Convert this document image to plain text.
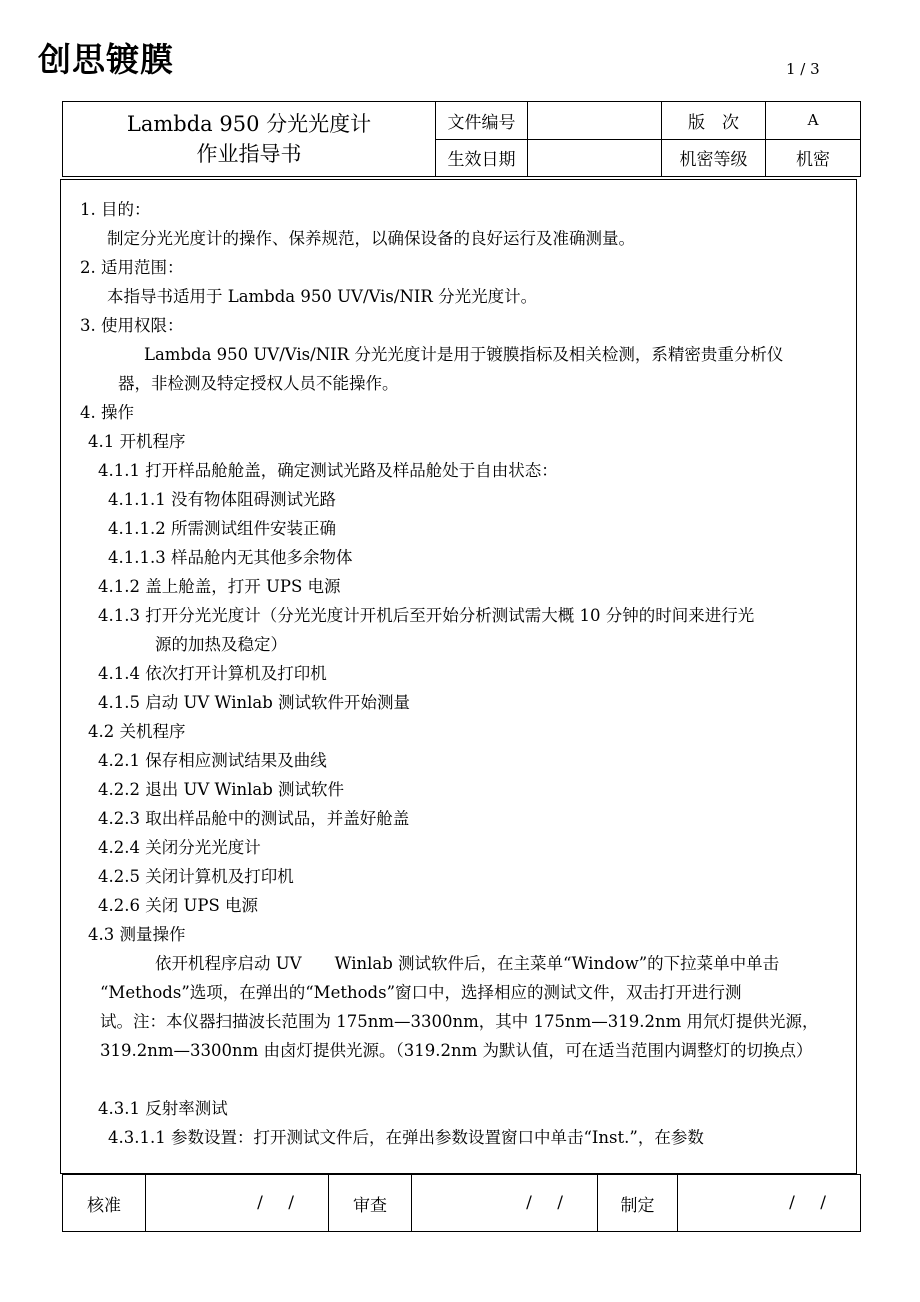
创思镀膜	1 / 3
Lambda 950 分光光度计
作业指导书	文件编号		版　次	A
	生效日期		机密等级	机密
1. 目的：
制定分光光度计的操作、保养规范，以确保设备的良好运行及准确测量。
2. 适用范围：
本指导书适用于 Lambda 950 UV/Vis/NIR 分光光度计。
3. 使用权限：
Lambda 950 UV/Vis/NIR 分光光度计是用于镀膜指标及相关检测，系精密贵重分析仪
器，非检测及特定授权人员不能操作。
4. 操作
4.1 开机程序
4.1.1 打开样品舱舱盖，确定测试光路及样品舱处于自由状态：
4.1.1.1 没有物体阻碍测试光路
4.1.1.2 所需测试组件安装正确
4.1.1.3 样品舱内无其他多余物体
4.1.2 盖上舱盖，打开 UPS 电源
4.1.3 打开分光光度计（分光光度计开机后至开始分析测试需大概 10 分钟的时间来进行光
源的加热及稳定）
4.1.4 依次打开计算机及打印机
4.1.5 启动 UV Winlab 测试软件开始测量
4.2 关机程序
4.2.1 保存相应测试结果及曲线
4.2.2 退出 UV Winlab 测试软件
4.2.3 取出样品舱中的测试品，并盖好舱盖
4.2.4 关闭分光光度计
4.2.5 关闭计算机及打印机
4.2.6 关闭 UPS 电源
4.3 测量操作
依开机程序启动 UV　　Winlab 测试软件后，在主菜单“Window”的下拉菜单中单击
“Methods”选项，在弹出的“Methods”窗口中，选择相应的测试文件，双击打开进行测
试。注：本仪器扫描波长范围为 175nm—3300nm，其中 175nm—319.2nm 用氘灯提供光源，
319.2nm—3300nm 由卤灯提供光源。（319.2nm 为默认值，可在适当范围内调整灯的切换点）
4.3.1 反射率测试
4.3.1.1 参数设置：打开测试文件后，在弹出参数设置窗口中单击“Inst.”，在参数
核准	/ /	审查	/ /	制定	/ /
